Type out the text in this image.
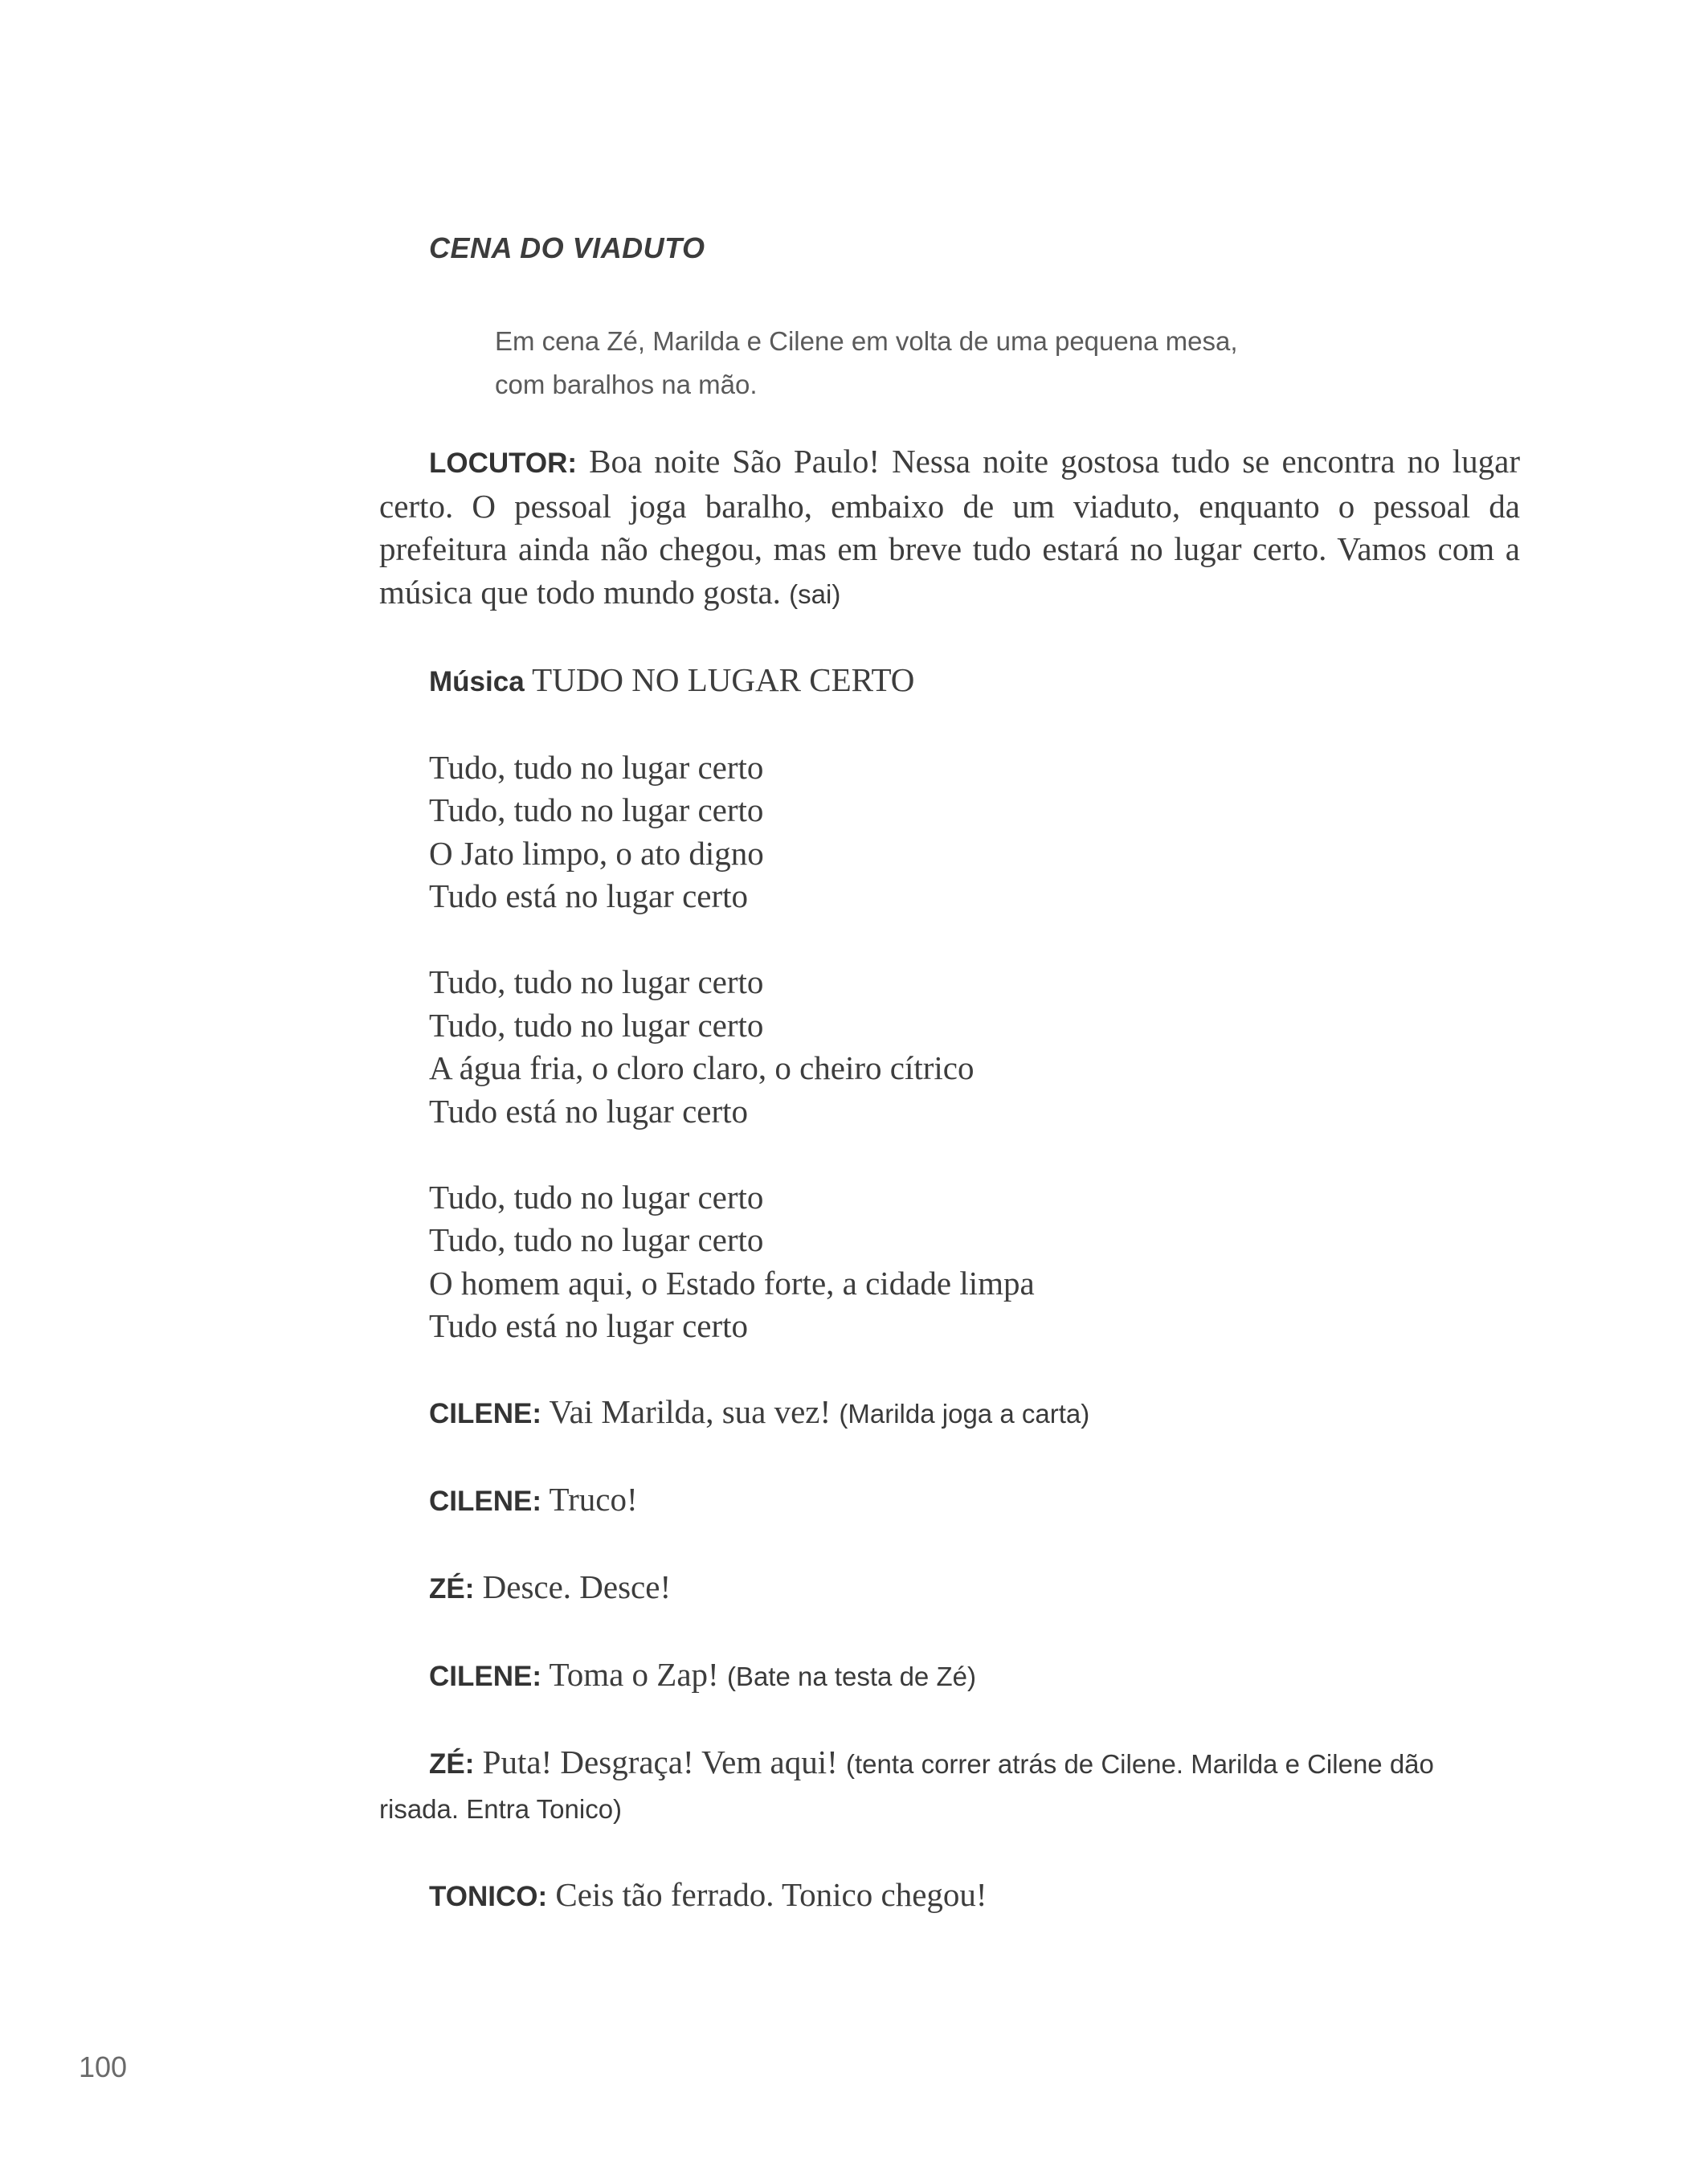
CENA DO VIADUTO

Em cena Zé, Marilda e Cilene em volta de uma pequena mesa,
com baralhos na mão.

LOCUTOR: Boa noite São Paulo! Nessa noite gostosa tudo se encontra no lugar certo. O pessoal joga baralho, embaixo de um viaduto, enquanto o pessoal da prefeitura ainda não chegou, mas em breve tudo estará no lugar certo. Vamos com a música que todo mundo gosta. (sai)

Música TUDO NO LUGAR CERTO

Tudo, tudo no lugar certo
Tudo, tudo no lugar certo
O Jato limpo, o ato digno
Tudo está no lugar certo

Tudo, tudo no lugar certo
Tudo, tudo no lugar certo
A água fria, o cloro claro, o cheiro cítrico
Tudo está no lugar certo

Tudo, tudo no lugar certo
Tudo, tudo no lugar certo
O homem aqui, o Estado forte, a cidade limpa
Tudo está no lugar certo

CILENE: Vai Marilda, sua vez! (Marilda joga a carta)

CILENE: Truco!

ZÉ: Desce. Desce!

CILENE: Toma o Zap! (Bate na testa de Zé)

ZÉ: Puta! Desgraça! Vem aqui! (tenta correr atrás de Cilene. Marilda e Cilene dão risada. Entra Tonico)

TONICO: Ceis tão ferrado. Tonico chegou!

100
